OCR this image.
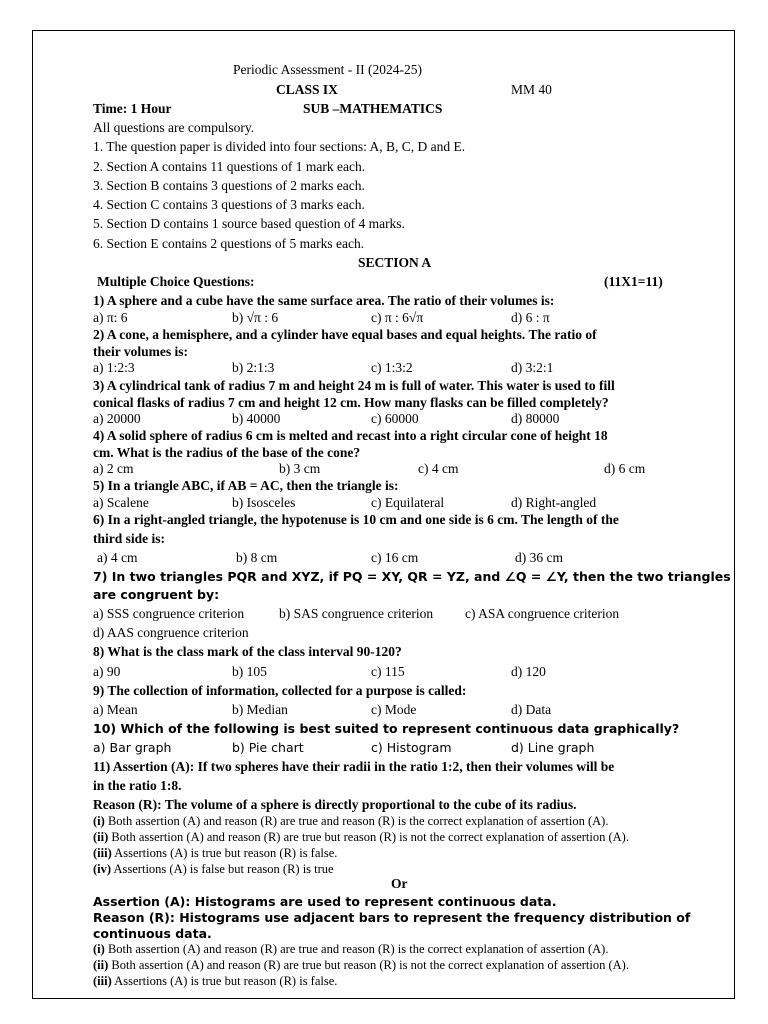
Periodic Assessment - II (2024-25)
CLASS IX	MM 40
Time: 1 Hour	SUB –MATHEMATICS
All questions are compulsory.
1. The question paper is divided into four sections: A, B, C, D and E.
2. Section A contains 11 questions of 1 mark each.
3. Section B contains 3 questions of 2 marks each.
4. Section C contains 3 questions of 3 marks each.
5. Section D contains 1 source based question of 4 marks.
6. Section E contains 2 questions of 5 marks each.
SECTION A
Multiple Choice Questions:	(11X1=11)
1) A sphere and a cube have the same surface area. The ratio of their volumes is:
a) π: 6	b) √π : 6	c) π : 6√π	d) 6 : π
2) A cone, a hemisphere, and a cylinder have equal bases and equal heights. The ratio of
their volumes is:
a) 1:2:3	b) 2:1:3	c) 1:3:2	d) 3:2:1
3) A cylindrical tank of radius 7 m and height 24 m is full of water. This water is used to fill
conical flasks of radius 7 cm and height 12 cm. How many flasks can be filled completely?
a) 20000	b) 40000	c) 60000	d) 80000
4) A solid sphere of radius 6 cm is melted and recast into a right circular cone of height 18
cm. What is the radius of the base of the cone?
a) 2 cm	b) 3 cm	c) 4 cm	d) 6 cm
5) In a triangle ABC, if AB = AC, then the triangle is:
a) Scalene	b) Isosceles	c) Equilateral	d) Right-angled
6) In a right-angled triangle, the hypotenuse is 10 cm and one side is 6 cm. The length of the
third side is:
a) 4 cm	b) 8 cm	c) 16 cm	d) 36 cm
7) In two triangles PQR and XYZ, if PQ = XY, QR = YZ, and ∠Q = ∠Y, then the two triangles
are congruent by:
a) SSS congruence criterion	b) SAS congruence criterion c) ASA congruence criterion
d) AAS congruence criterion
8) What is the class mark of the class interval 90-120?
a) 90	b) 105	c) 115	d) 120
9) The collection of information, collected for a purpose is called:
a) Mean	b) Median	c) Mode	d) Data
10) Which of the following is best suited to represent continuous data graphically?
a) Bar graph	b) Pie chart	c) Histogram	d) Line graph
11) Assertion (A): If two spheres have their radii in the ratio 1:2, then their volumes will be
in the ratio 1:8.
Reason (R): The volume of a sphere is directly proportional to the cube of its radius.
(i) Both assertion (A) and reason (R) are true and reason (R) is the correct explanation of assertion (A).
(ii) Both assertion (A) and reason (R) are true but reason (R) is not the correct explanation of assertion (A).
(iii) Assertions (A) is true but reason (R) is false.
(iv) Assertions (A) is false but reason (R) is true
Or
Assertion (A): Histograms are used to represent continuous data.
Reason (R): Histograms use adjacent bars to represent the frequency distribution of
continuous data.
(i) Both assertion (A) and reason (R) are true and reason (R) is the correct explanation of assertion (A).
(ii) Both assertion (A) and reason (R) are true but reason (R) is not the correct explanation of assertion (A).
(iii) Assertions (A) is true but reason (R) is false.
